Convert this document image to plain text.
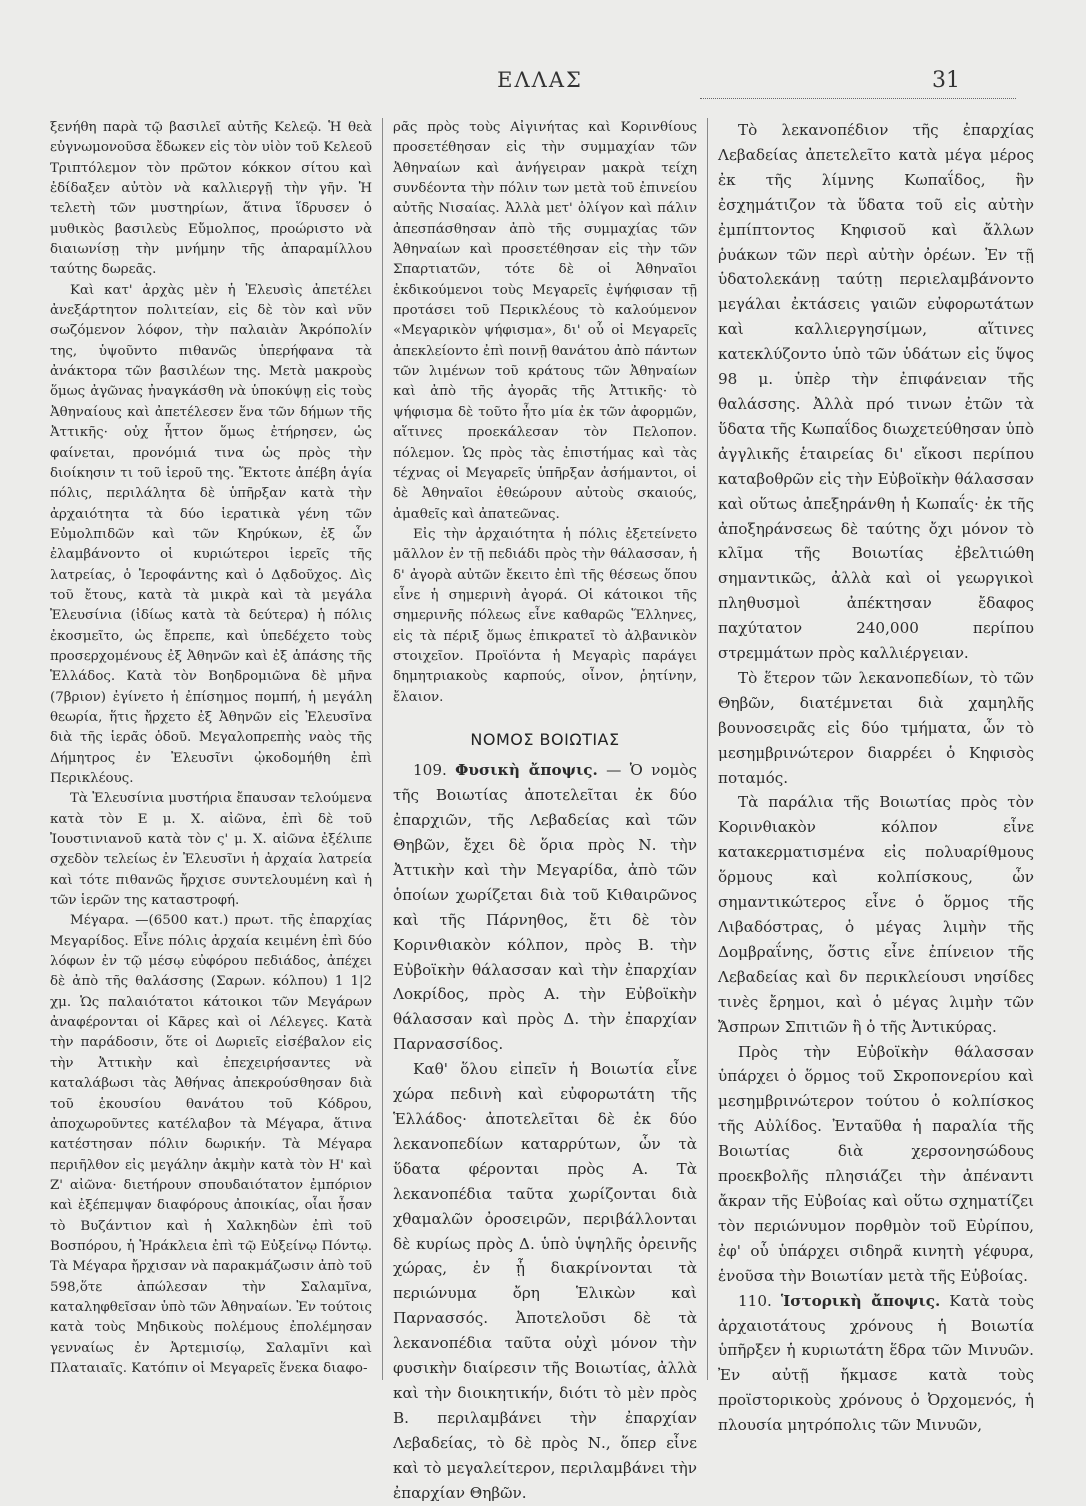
ΕΛΛΑΣ	31

ξενήθη παρὰ τῷ βασιλεῖ αὐτῆς Κελεῷ. Ἡ θεὰ εὐγνωμονοῦσα ἔδωκεν εἰς τὸν υἱὸν τοῦ Κελεοῦ Τριπτόλεμον τὸν πρῶτον κόκκον σίτου καὶ ἐδίδαξεν αὐτὸν νὰ καλλιεργῇ τὴν γῆν. Ἡ τελετὴ τῶν μυστηρίων, ἅτινα ἵδρυσεν ὁ μυθικὸς βασιλεὺς Εὔμολπος, προώριστο νὰ διαιωνίσῃ τὴν μνήμην τῆς ἀπαραμίλλου ταύτης δωρεᾶς.

Καὶ κατ' ἀρχὰς μὲν ἡ Ἐλευσὶς ἀπετέλει ἀνεξάρτητον πολιτείαν, εἰς δὲ τὸν καὶ νῦν σωζόμενον λόφον, τὴν παλαιὰν Ἀκρόπολίν της, ὑψοῦντο πιθανῶς ὑπερήφανα τὰ ἀνάκτορα τῶν βασιλέων της. Μετὰ μακροὺς ὅμως ἀγῶνας ἠναγκάσθη νὰ ὑποκύψῃ εἰς τοὺς Ἀθηναίους καὶ ἀπετέλεσεν ἕνα τῶν δήμων τῆς Ἀττικῆς· οὐχ ἧττον ὅμως ἐτήρησεν, ὡς φαίνεται, προνόμιά τινα ὡς πρὸς τὴν διοίκησιν τι τοῦ ἱεροῦ της. Ἔκτοτε ἀπέβη ἁγία πόλις, περιλάλητα δὲ ὑπῆρξαν κατὰ τὴν ἀρχαιότητα τὰ δύο ἱερατικὰ γένη τῶν Εὐμολπιδῶν καὶ τῶν Κηρύκων, ἐξ ὧν ἐλαμβάνοντο οἱ κυριώτεροι ἱερεῖς τῆς λατρείας, ὁ Ἱεροφάντης καὶ ὁ Δᾳδοῦχος. Δὶς τοῦ ἔτους, κατὰ τὰ μικρὰ καὶ τὰ μεγάλα Ἐλευσίνια (ἰδίως κατὰ τὰ δεύτερα) ἡ πόλις ἐκοσμεῖτο, ὡς ἔπρεπε, καὶ ὑπεδέχετο τοὺς προσερχομένους ἐξ Ἀθηνῶν καὶ ἐξ ἁπάσης τῆς Ἑλλάδος. Κατὰ τὸν Βοηδρομιῶνα δὲ μῆνα (7βριον) ἐγίνετο ἡ ἐπίσημος πομπή, ἡ μεγάλη θεωρία, ἥτις ἤρχετο ἐξ Ἀθηνῶν εἰς Ἐλευσῖνα διὰ τῆς ἱερᾶς ὁδοῦ. Μεγαλοπρεπὴς ναὸς τῆς Δήμητρος ἐν Ἐλευσῖνι ᾠκοδομήθη ἐπὶ Περικλέους.

Τὰ Ἐλευσίνια μυστήρια ἔπαυσαν τελούμενα κατὰ τὸν Ε μ. Χ. αἰῶνα, ἐπὶ δὲ τοῦ Ἰουστινιανοῦ κατὰ τὸν ς' μ. Χ. αἰῶνα ἐξέλιπε σχεδὸν τελείως ἐν Ἐλευσῖνι ἡ ἀρχαία λατρεία καὶ τότε πιθανῶς ἤρχισε συντελουμένη καὶ ἡ τῶν ἱερῶν της καταστροφή.

Μέγαρα. —(6500 κατ.) πρωτ. τῆς ἐπαρχίας Μεγαρίδος. Εἶνε πόλις ἀρχαία κειμένη ἐπὶ δύο λόφων ἐν τῷ μέσῳ εὐφόρου πεδιάδος, ἀπέχει δὲ ἀπὸ τῆς θαλάσσης (Σαρων. κόλπου) 1 1|2 χμ. Ὡς παλαιότατοι κάτοικοι τῶν Μεγάρων ἀναφέρονται οἱ Κᾶρες καὶ οἱ Λέλεγες. Κατὰ τὴν παράδοσιν, ὅτε οἱ Δωριεῖς εἰσέβαλον εἰς τὴν Ἀττικὴν καὶ ἐπεχειρήσαντες νὰ καταλάβωσι τὰς Ἀθήνας ἀπεκρούσθησαν διὰ τοῦ ἑκουσίου θανάτου τοῦ Κόδρου, ἀποχωροῦντες κατέλαβον τὰ Μέγαρα, ἅτινα κατέστησαν πόλιν δωρικήν. Τὰ Μέγαρα περιῆλθον εἰς μεγάλην ἀκμὴν κατὰ τὸν Η' καὶ Ζ' αἰῶνα· διετήρουν σπουδαιότατον ἐμπόριον καὶ ἐξέπεμψαν διαφόρους ἀποικίας, οἷαι ἦσαν τὸ Βυζάντιον καὶ ἡ Χαλκηδὼν ἐπὶ τοῦ Βοσπόρου, ἡ Ἡράκλεια ἐπὶ τῷ Εὐξείνῳ Πόντῳ. Τὰ Μέγαρα ἤρχισαν νὰ παρακμάζωσιν ἀπὸ τοῦ 598,ὅτε ἀπώλεσαν τὴν Σαλαμῖνα, καταληφθεῖσαν ὑπὸ τῶν Ἀθηναίων. Ἐν τούτοις κατὰ τοὺς Μηδικοὺς πολέμους ἐπολέμησαν γενναίως ἐν Ἀρτεμισίῳ, Σαλαμῖνι καὶ Πλαταιαῖς. Κατόπιν οἱ Μεγαρεῖς ἕνεκα διαφο-

ρᾶς πρὸς τοὺς Αἰγινήτας καὶ Κορινθίους προσετέθησαν εἰς τὴν συμμαχίαν τῶν Ἀθηναίων καὶ ἀνήγειραν μακρὰ τείχη συνδέοντα τὴν πόλιν των μετὰ τοῦ ἐπινείου αὐτῆς Νισαίας. Ἀλλὰ μετ' ὀλίγον καὶ πάλιν ἀπεσπάσθησαν ἀπὸ τῆς συμμαχίας τῶν Ἀθηναίων καὶ προσετέθησαν εἰς τὴν τῶν Σπαρτιατῶν, τότε δὲ οἱ Ἀθηναῖοι ἐκδικούμενοι τοὺς Μεγαρεῖς ἐψήφισαν τῇ προτάσει τοῦ Περικλέους τὸ καλούμενον «Μεγαρικὸν ψήφισμα», δι' οὗ οἱ Μεγαρεῖς ἀπεκλείοντο ἐπὶ ποινῇ θανάτου ἀπὸ πάντων τῶν λιμένων τοῦ κράτους τῶν Ἀθηναίων καὶ ἀπὸ τῆς ἀγορᾶς τῆς Ἀττικῆς· τὸ ψήφισμα δὲ τοῦτο ἦτο μία ἐκ τῶν ἀφορμῶν, αἵτινες προεκάλεσαν τὸν Πελοπον. πόλεμον. Ὡς πρὸς τὰς ἐπιστήμας καὶ τὰς τέχνας οἱ Μεγαρεῖς ὑπῆρξαν ἀσήμαντοι, οἱ δὲ Ἀθηναῖοι ἐθεώρουν αὐτοὺς σκαιούς, ἀμαθεῖς καὶ ἀπατεῶνας.

Εἰς τὴν ἀρχαιότητα ἡ πόλις ἐξετείνετο μᾶλλον ἐν τῇ πεδιάδι πρὸς τὴν θάλασσαν, ἡ δ' ἀγορὰ αὐτῶν ἔκειτο ἐπὶ τῆς θέσεως ὅπου εἶνε ἡ σημερινὴ ἀγορά. Οἱ κάτοικοι τῆς σημερινῆς πόλεως εἶνε καθαρῶς Ἕλληνες, εἰς τὰ πέριξ ὅμως ἐπικρατεῖ τὸ ἀλβανικὸν στοιχεῖον. Προϊόντα ἡ Μεγαρὶς παράγει δημητριακοὺς καρπούς, οἶνον, ῥητίνην, ἔλαιον.

ΝΟΜΟΣ ΒΟΙΩΤΙΑΣ

109. Φυσικὴ ἄποψις. — Ὁ νομὸς τῆς Βοιωτίας ἀποτελεῖται ἐκ δύο ἐπαρχιῶν, τῆς Λεβαδείας καὶ τῶν Θηβῶν, ἔχει δὲ ὅρια πρὸς Ν. τὴν Ἀττικὴν καὶ τὴν Μεγαρίδα, ἀπὸ τῶν ὁποίων χωρίζεται διὰ τοῦ Κιθαιρῶνος καὶ τῆς Πάρνηθος, ἔτι δὲ τὸν Κορινθιακὸν κόλπον, πρὸς Β. τὴν Εὐβοϊκὴν θάλασσαν καὶ τὴν ἐπαρχίαν Λοκρίδος, πρὸς Α. τὴν Εὐβοϊκὴν θάλασσαν καὶ πρὸς Δ. τὴν ἐπαρχίαν Παρνασσίδος.

Καθ' ὅλου εἰπεῖν ἡ Βοιωτία εἶνε χώρα πεδινὴ καὶ εὐφορωτάτη τῆς Ἑλλάδος· ἀποτελεῖται δὲ ἐκ δύο λεκανοπεδίων καταρρύτων, ὧν τὰ ὕδατα φέρονται πρὸς Α. Τὰ λεκανοπέδια ταῦτα χωρίζονται διὰ χθαμαλῶν ὀροσειρῶν, περιβάλλονται δὲ κυρίως πρὸς Δ. ὑπὸ ὑψηλῆς ὀρεινῆς χώρας, ἐν ᾗ διακρίνονται τὰ περιώνυμα ὄρη Ἑλικὼν καὶ Παρνασσός. Ἀποτελοῦσι δὲ τὰ λεκανοπέδια ταῦτα οὐχὶ μόνον τὴν φυσικὴν διαίρεσιν τῆς Βοιωτίας, ἀλλὰ καὶ τὴν διοικητικήν, διότι τὸ μὲν πρὸς Β. περιλαμβάνει τὴν ἐπαρχίαν Λεβαδείας, τὸ δὲ πρὸς Ν., ὅπερ εἶνε καὶ τὸ μεγαλείτερον, περιλαμβάνει τὴν ἐπαρχίαν Θηβῶν.

Τὸ λεκανοπέδιον τῆς ἐπαρχίας Λεβαδείας ἀπετελεῖτο κατὰ μέγα μέρος ἐκ τῆς λίμνης Κωπαΐδος, ἣν ἐσχημάτιζον τὰ ὕδατα τοῦ εἰς αὐτὴν ἐμπίπτοντος Κηφισοῦ καὶ ἄλλων ῥυάκων τῶν περὶ αὐτὴν ὀρέων. Ἐν τῇ ὑδατολεκάνῃ ταύτῃ περιελαμβάνοντο μεγάλαι ἐκτάσεις γαιῶν εὐφορωτάτων καὶ καλλιεργησίμων, αἵτινες κατεκλύζοντο ὑπὸ τῶν ὑδάτων εἰς ὕψος 98 μ. ὑπὲρ τὴν ἐπιφάνειαν τῆς θαλάσσης. Ἀλλὰ πρό τινων ἐτῶν τὰ ὕδατα τῆς Κωπαΐδος διωχετεύθησαν ὑπὸ ἀγγλικῆς ἑταιρείας δι' εἴκοσι περίπου καταβοθρῶν εἰς τὴν Εὐβοϊκὴν θάλασσαν καὶ οὕτως ἀπεξηράνθη ἡ Κωπαΐς· ἐκ τῆς ἀποξηράνσεως δὲ ταύτης ὄχι μόνον τὸ κλῖμα τῆς Βοιωτίας ἐβελτιώθη σημαντικῶς, ἀλλὰ καὶ οἱ γεωργικοὶ πληθυσμοὶ ἀπέκτησαν ἔδαφος παχύτατον 240,000 περίπου στρεμμάτων πρὸς καλλιέργειαν.

Τὸ ἕτερον τῶν λεκανοπεδίων, τὸ τῶν Θηβῶν, διατέμνεται διὰ χαμηλῆς βουνοσειρᾶς εἰς δύο τμήματα, ὧν τὸ μεσημβρινώτερον διαρρέει ὁ Κηφισὸς ποταμός.

Τὰ παράλια τῆς Βοιωτίας πρὸς τὸν Κορινθιακὸν κόλπον εἶνε κατακερματισμένα εἰς πολυαρίθμους ὅρμους καὶ κολπίσκους, ὧν σημαντικώτερος εἶνε ὁ ὅρμος τῆς Λιβαδόστρας, ὁ μέγας λιμὴν τῆς Δομβραΐνης, ὅστις εἶνε ἐπίνειον τῆς Λεβαδείας καὶ δν περικλείουσι νησίδες τινὲς ἔρημοι, καὶ ὁ μέγας λιμὴν τῶν Ἄσπρων Σπιτιῶν ἢ ὁ τῆς Ἀντικύρας.

Πρὸς τὴν Εὐβοϊκὴν θάλασσαν ὑπάρχει ὁ ὅρμος τοῦ Σκροπονερίου καὶ μεσημβρινώτερον τούτου ὁ κολπίσκος τῆς Αὐλίδος. Ἐνταῦθα ἡ παραλία τῆς Βοιωτίας διὰ χερσονησώδους προεκβολῆς πλησιάζει τὴν ἀπέναντι ἄκραν τῆς Εὐβοίας καὶ οὕτω σχηματίζει τὸν περιώνυμον πορθμὸν τοῦ Εὐρίπου, ἐφ' οὗ ὑπάρχει σιδηρᾶ κινητὴ γέφυρα, ἑνοῦσα τὴν Βοιωτίαν μετὰ τῆς Εὐβοίας.

110. Ἱστορικὴ ἄποψις. Κατὰ τοὺς ἀρχαιοτάτους χρόνους ἡ Βοιωτία ὑπῆρξεν ἡ κυριωτάτη ἕδρα τῶν Μινυῶν. Ἐν αὐτῇ ἤκμασε κατὰ τοὺς προϊστορικοὺς χρόνους ὁ Ὀρχομενός, ἡ πλουσία μητρόπολις τῶν Μινυῶν,
